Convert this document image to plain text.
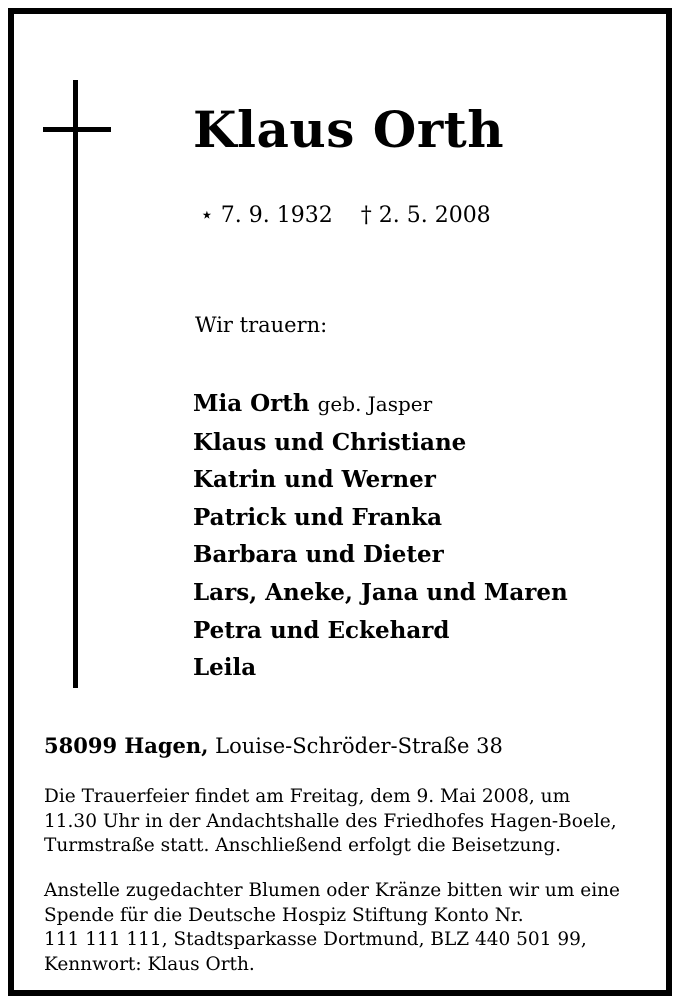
Klaus Orth
⋆ 7. 9. 1932 † 2. 5. 2008
Wir trauern:
Mia Orth geb. Jasper
Klaus und Christiane
Katrin und Werner
Patrick und Franka
Barbara und Dieter
Lars, Aneke, Jana und Maren
Petra und Eckehard
Leila
58099 Hagen, Louise-Schröder-Straße 38

Die Trauerfeier findet am Freitag, dem 9. Mai 2008, um
11.30 Uhr in der Andachtshalle des Friedhofes Hagen-Boele,
Turmstraße statt. Anschließend erfolgt die Beisetzung.

Anstelle zugedachter Blumen oder Kränze bitten wir um eine
Spende für die Deutsche Hospiz Stiftung Konto Nr.
111 111 111, Stadtsparkasse Dortmund, BLZ 440 501 99,
Kennwort: Klaus Orth.
